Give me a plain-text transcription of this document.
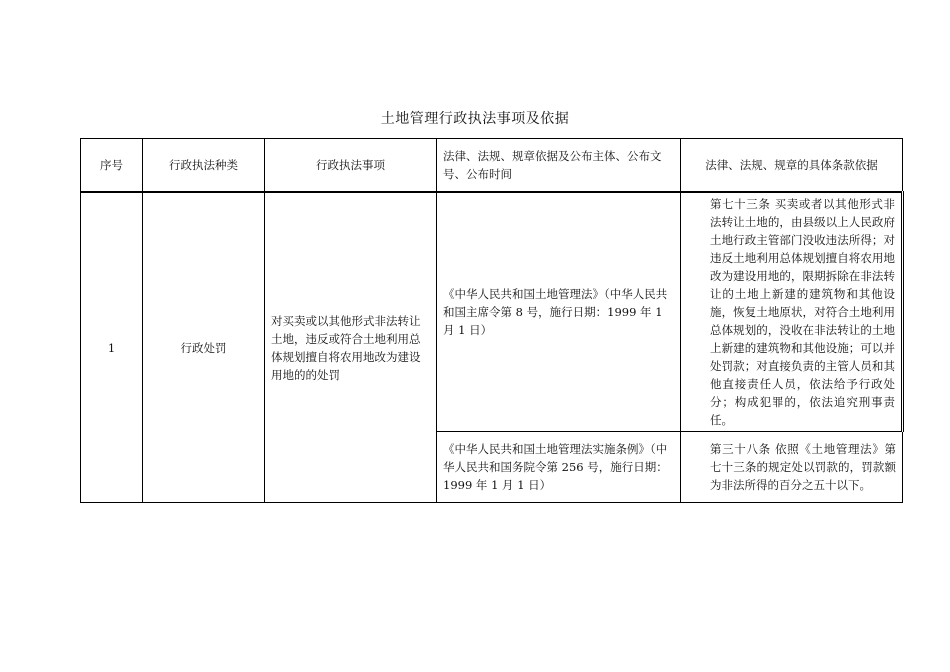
土地管理行政执法事项及依据
序号	行政执法种类	行政执法事项	法律、法规、规章依据及公布主体、公布文号、公布时间	法律、法规、规章的具体条款依据
1	行政处罚	对买卖或以其他形式非法转让土地，违反或符合土地利用总体规划擅自将农用地改为建设用地的的处罚	《中华人民共和国土地管理法》（中华人民共和国主席令第 8 号，施行日期：1999 年 1 月 1 日）	第七十三条 买卖或者以其他形式非法转让土地的，由县级以上人民政府土地行政主管部门没收违法所得；对违反土地利用总体规划擅自将农用地改为建设用地的，限期拆除在非法转让的土地上新建的建筑物和其他设施，恢复土地原状，对符合土地利用总体规划的，没收在非法转让的土地上新建的建筑物和其他设施；可以并处罚款；对直接负责的主管人员和其他直接责任人员，依法给予行政处分；构成犯罪的，依法追究刑事责任。

			《中华人民共和国土地管理法实施条例》（中华人民共和国务院令第 256 号，施行日期：1999 年 1 月 1 日）	第三十八条 依照《土地管理法》第七十三条的规定处以罚款的，罚款额为非法所得的百分之五十以下。
